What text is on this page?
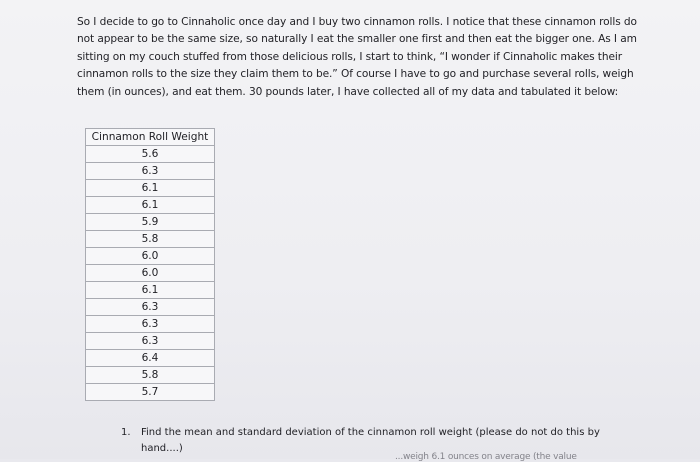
So I decide to go to Cinnaholic once day and I buy two cinnamon rolls. I notice that these cinnamon rolls do not appear to be the same size, so naturally I eat the smaller one first and then eat the bigger one. As I am sitting on my couch stuffed from those delicious rolls, I start to think, “I wonder if Cinnaholic makes their cinnamon rolls to the size they claim them to be.” Of course I have to go and purchase several rolls, weigh them (in ounces), and eat them. 30 pounds later, I have collected all of my data and tabulated it below:

Cinnamon Roll Weight
5.6
6.3
6.1
6.1
5.9
5.8
6.0
6.0
6.1
6.3
6.3
6.3
6.4
5.8
5.7

1. Find the mean and standard deviation of the cinnamon roll weight (please do not do this by
hand....)

...weigh 6.1 ounces on average (the value
